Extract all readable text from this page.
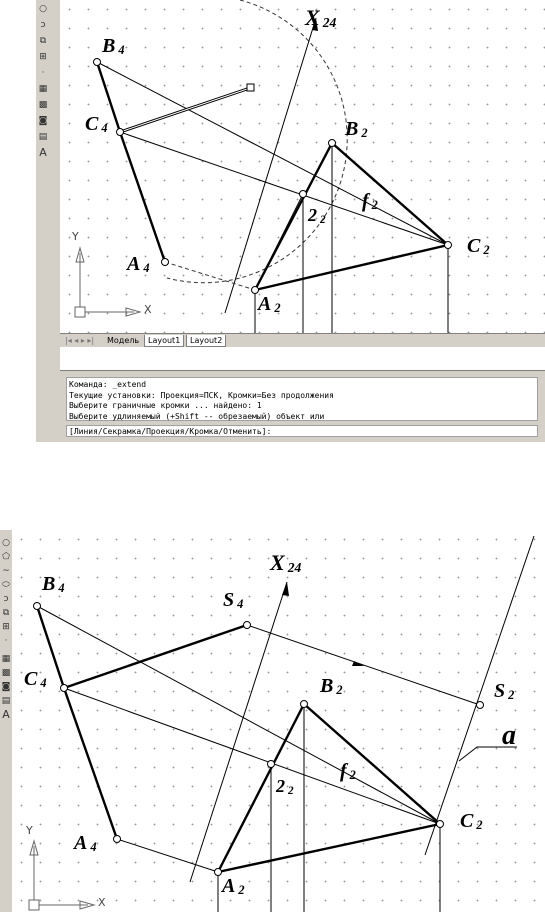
○
ↄ
⧉
⊞
·
▦
▩
◙
▤
A
Y
X
X $_{24}$
B $_4$
C $_4$
A $_4$
B $_2$
C $_2$
A $_2$
f $_2$
2 $_2$
|◂ ◂ ▸ ▸|	Модель	Layout1	Layout2
Команда: _extend
Текущие установки: Проекция=ПСК, Кромки=Без продолжения
Выберите граничные кромки ... найдено: 1
Выберите удлиняемый (+Shift -- обрезаемый) объект или
[Линия/Секрамка/Проекция/Кромка/Отменить]:
○
⬠
~
⬭
ↄ
⧉
⊞
·
▦
▩
◙
▤
A
Y
X
X $_{24}$
B $_4$
S $_4$
C $_4$
A $_4$
B $_2$	S $_2$
C $_2$
A $_2$
f $_2$
2 $_2$
a
